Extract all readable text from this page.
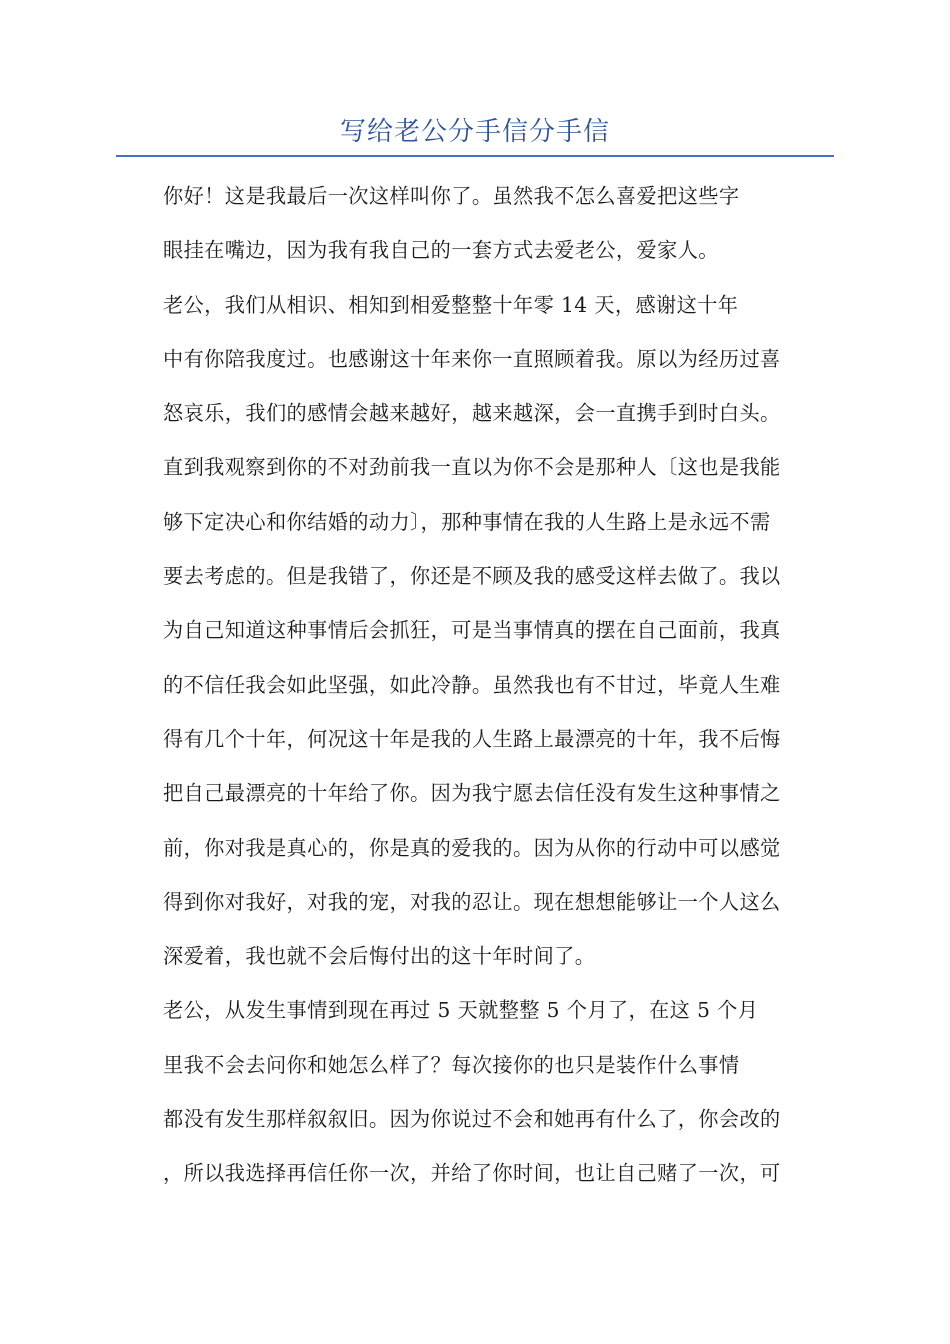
写给老公分手信分手信
你好！这是我最后一次这样叫你了。虽然我不怎么喜爱把这些字
眼挂在嘴边，因为我有我自己的一套方式去爱老公，爱家人。
老公，我们从相识、相知到相爱整整十年零 14 天，感谢这十年
中有你陪我度过。也感谢这十年来你一直照顾着我。原以为经历过喜
怒哀乐，我们的感情会越来越好，越来越深，会一直携手到时白头。
直到我观察到你的不对劲前我一直以为你不会是那种人〔这也是我能
够下定决心和你结婚的动力〕，那种事情在我的人生路上是永远不需
要去考虑的。但是我错了，你还是不顾及我的感受这样去做了。我以
为自己知道这种事情后会抓狂，可是当事情真的摆在自己面前，我真
的不信任我会如此坚强，如此冷静。虽然我也有不甘过，毕竟人生难
得有几个十年，何况这十年是我的人生路上最漂亮的十年，我不后悔
把自己最漂亮的十年给了你。因为我宁愿去信任没有发生这种事情之
前，你对我是真心的，你是真的爱我的。因为从你的行动中可以感觉
得到你对我好，对我的宠，对我的忍让。现在想想能够让一个人这么
深爱着，我也就不会后悔付出的这十年时间了。
老公，从发生事情到现在再过 5 天就整整 5 个月了，在这 5 个月
里我不会去问你和她怎么样了？每次接你的也只是装作什么事情
都没有发生那样叙叙旧。因为你说过不会和她再有什么了，你会改的
，所以我选择再信任你一次，并给了你时间，也让自己赌了一次，可
